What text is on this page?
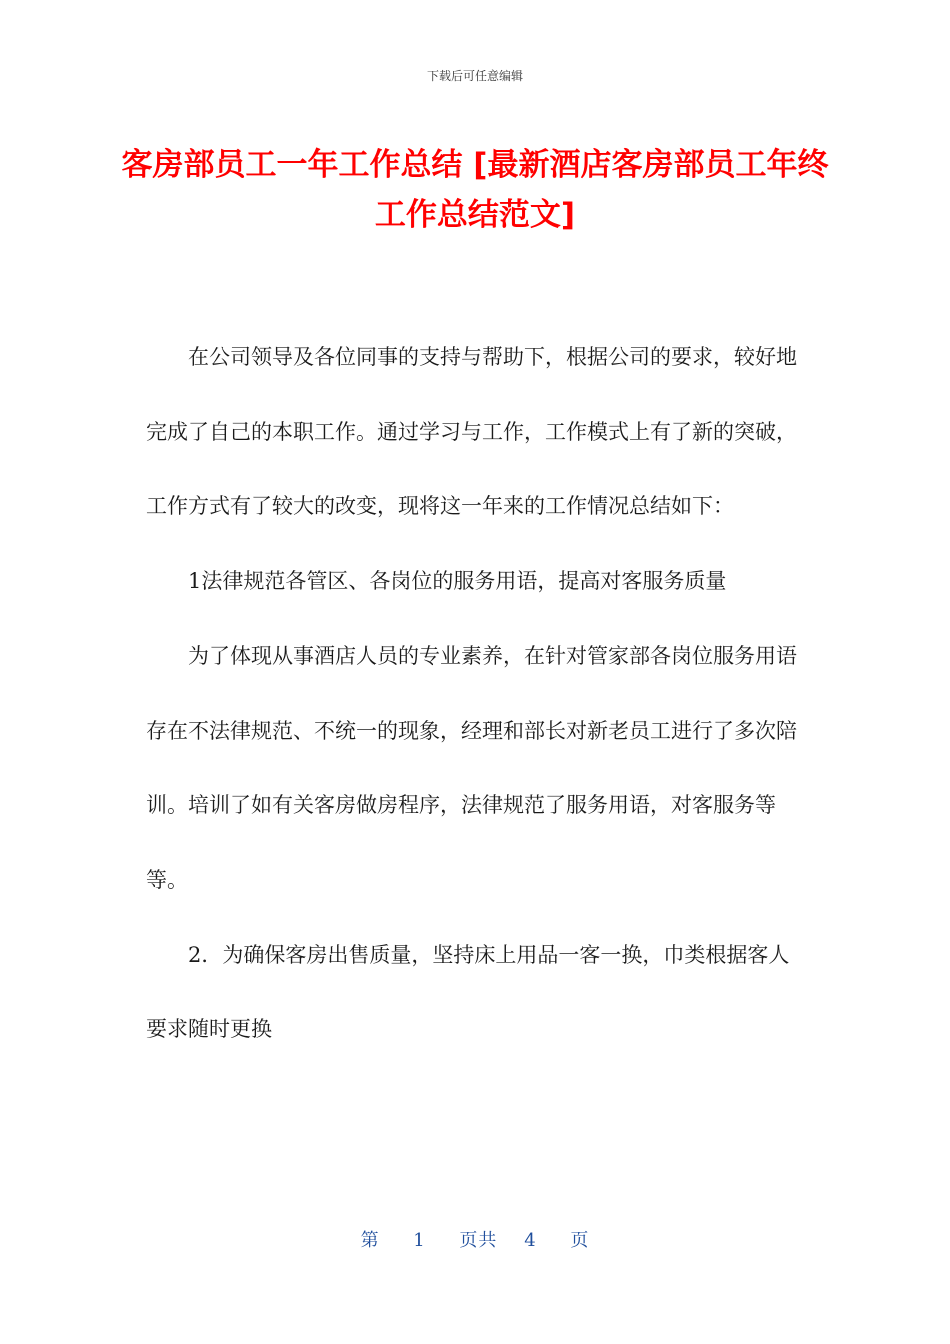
下载后可任意编辑
客房部员工一年工作总结 [最新酒店客房部员工年终工作总结范文]

在公司领导及各位同事的支持与帮助下，根据公司的要求，较好地完成了自己的本职工作。通过学习与工作，工作模式上有了新的突破，工作方式有了较大的改变，现将这一年来的工作情况总结如下：

1法律规范各管区、各岗位的服务用语，提高对客服务质量

为了体现从事酒店人员的专业素养，在针对管家部各岗位服务用语存在不法律规范、不统一的现象，经理和部长对新老员工进行了多次陪训。培训了如有关客房做房程序，法律规范了服务用语，对客服务等等。

2．为确保客房出售质量，坚持床上用品一客一换，巾类根据客人要求随时更换

第 1 页共 4 页
